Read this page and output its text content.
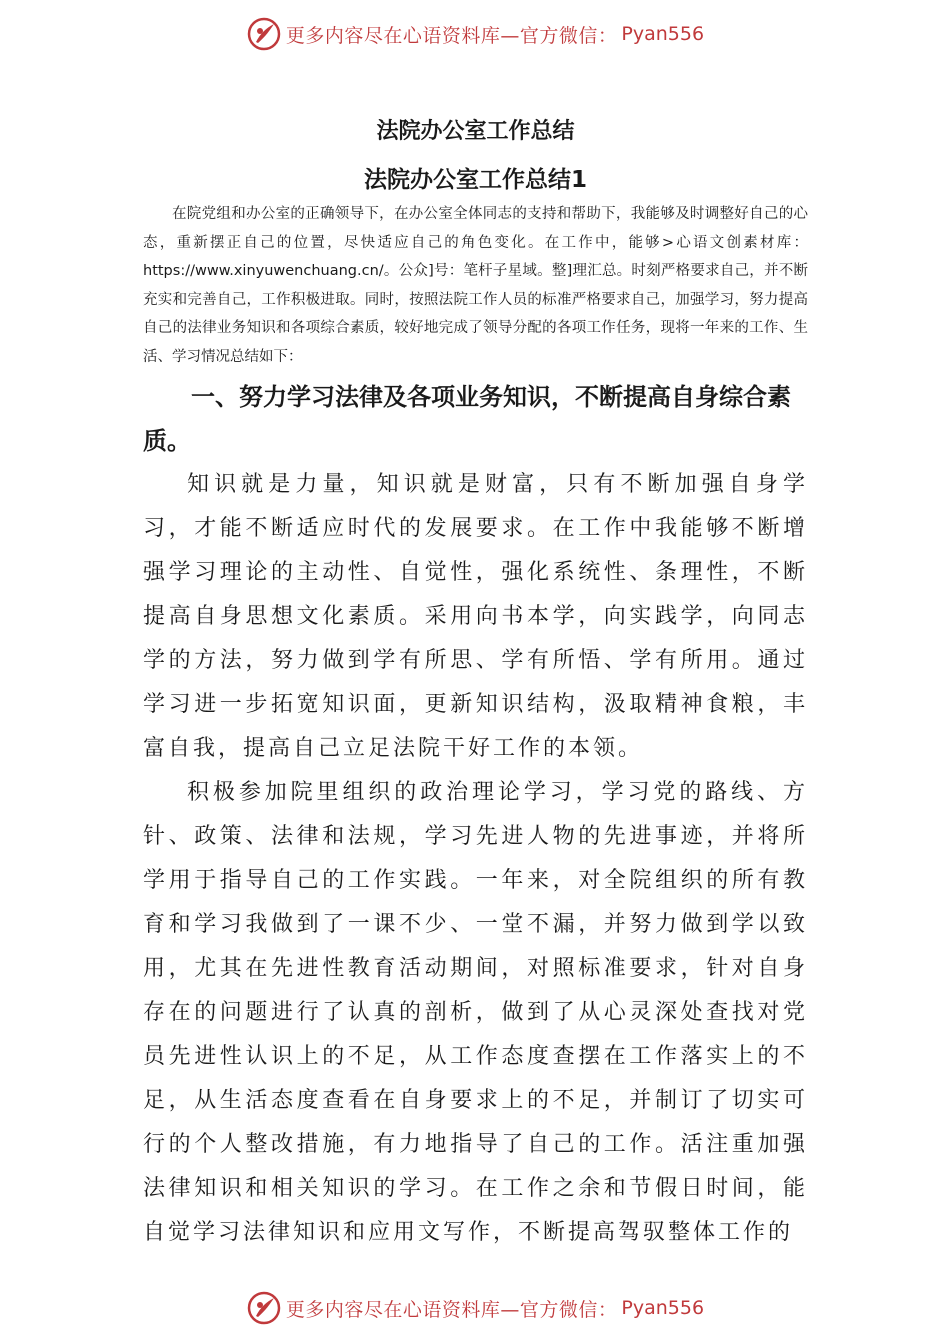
更多内容尽在心语资料库—官方微信： Pyan556
法院办公室工作总结
法院办公室工作总结1

在院党组和办公室的正确领导下，在办公室全体同志的支持和帮助下，我能够及时调整好自己的心态，重新摆正自己的位置，尽快适应自己的角色变化。在工作中，能够>心语文创素材库：https://www.xinyuwenchuang.cn/。公众]号：笔杆子星域。整]理汇总。时刻严格要求自己，并不断充实和完善自己，工作积极进取。同时，按照法院工作人员的标准严格要求自己，加强学习，努力提高自己的法律业务知识和各项综合素质，较好地完成了领导分配的各项工作任务，现将一年来的工作、生活、学习情况总结如下：

一、努力学习法律及各项业务知识，不断提高自身综合素质。

知识就是力量，知识就是财富，只有不断加强自身学习，才能不断适应时代的发展要求。在工作中我能够不断增强学习理论的主动性、自觉性，强化系统性、条理性，不断提高自身思想文化素质。采用向书本学，向实践学，向同志学的方法，努力做到学有所思、学有所悟、学有所用。通过学习进一步拓宽知识面，更新知识结构，汲取精神食粮，丰富自我，提高自己立足法院干好工作的本领。

积极参加院里组织的政治理论学习，学习党的路线、方针、政策、法律和法规，学习先进人物的先进事迹，并将所学用于指导自己的工作实践。一年来，对全院组织的所有教育和学习我做到了一课不少、一堂不漏，并努力做到学以致用，尤其在先进性教育活动期间，对照标准要求，针对自身存在的问题进行了认真的剖析，做到了从心灵深处查找对党员先进性认识上的不足，从工作态度查摆在工作落实上的不足，从生活态度查看在自身要求上的不足，并制订了切实可行的个人整改措施，有力地指导了自己的工作。活注重加强法律知识和相关知识的学习。在工作之余和节假日时间，能自觉学习法律知识和应用文写作，不断提高驾驭整体工作的

更多内容尽在心语资料库—官方微信： Pyan556
